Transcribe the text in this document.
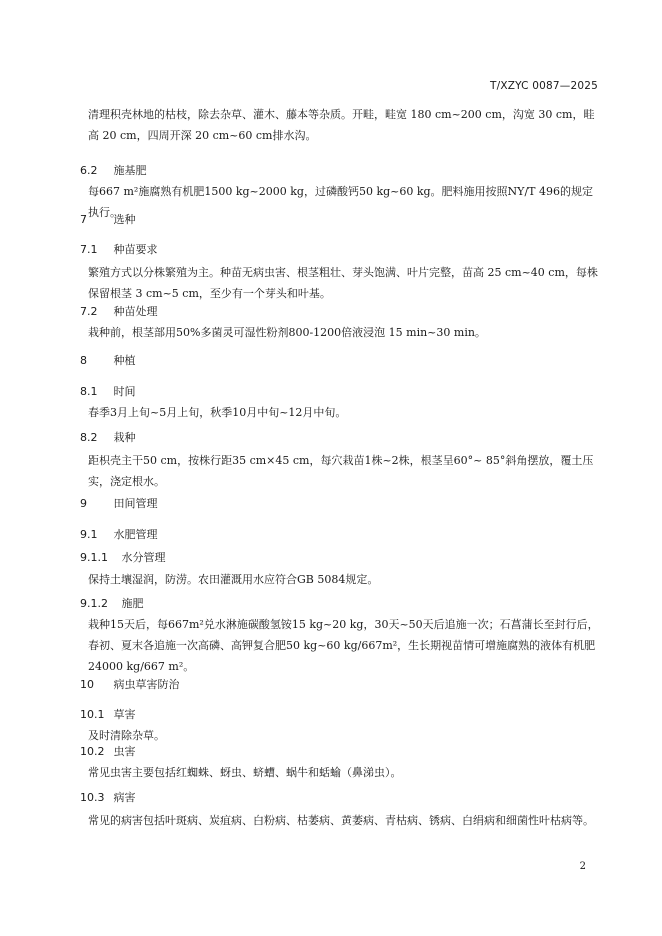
T/XZYC 0087—2025

清理积壳林地的枯枝，除去杂草、灌木、藤本等杂质。开畦，畦宽 180 cm~200 cm，沟宽 30 cm，畦高 20 cm，四周开深 20 cm~60 cm排水沟。

6.2 施基肥

每667 m²施腐熟有机肥1500 kg~2000 kg，过磷酸钙50 kg~60 kg。肥料施用按照NY/T 496的规定执行。

7 选种
7.1 种苗要求

繁殖方式以分株繁殖为主。种苗无病虫害、根茎粗壮、芽头饱满、叶片完整，苗高 25 cm~40 cm，每株保留根茎 3 cm~5 cm，至少有一个芽头和叶基。

7.2 种苗处理

栽种前，根茎部用50%多菌灵可湿性粉剂800-1200倍液浸泡 15 min~30 min。

8 种植
8.1 时间

春季3月上旬~5月上旬，秋季10月中旬~12月中旬。

8.2 栽种

距枳壳主干50 cm，按株行距35 cm×45 cm，每穴栽苗1株~2株，根茎呈60°~ 85°斜角摆放，覆土压实，浇定根水。

9 田间管理
9.1 水肥管理
9.1.1 水分管理

保持土壤湿润，防涝。农田灌溉用水应符合GB 5084规定。

9.1.2 施肥

栽种15天后，每667m²兑水淋施碳酸氢铵15 kg~20 kg，30天~50天后追施一次；石菖蒲长至封行后，春初、夏末各追施一次高磷、高钾复合肥50 kg~60 kg/667m²，生长期视苗情可增施腐熟的液体有机肥24000 kg/667 m²。

10 病虫草害防治
10.1 草害

及时清除杂草。

10.2 虫害

常见虫害主要包括红蜘蛛、蚜虫、蛴螬、蜗牛和蛞蝓（鼻涕虫）。

10.3 病害

常见的病害包括叶斑病、炭疽病、白粉病、枯萎病、黄萎病、青枯病、锈病、白绢病和细菌性叶枯病等。

2
